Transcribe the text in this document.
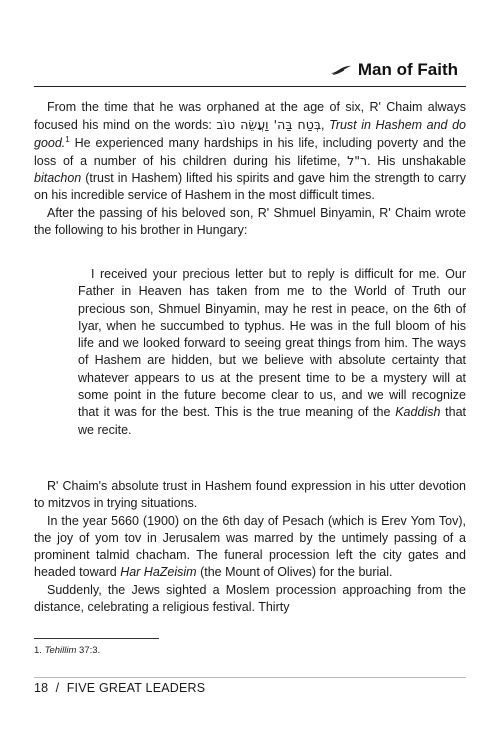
Man of Faith

From the time that he was orphaned at the age of six, R' Chaim always focused his mind on the words: בְּטַח בַּה' וַעֲשֵׂה טוֹב, Trust in Hashem and do good.$^1$ He experienced many hardships in his life, including poverty and the loss of a number of his children during his lifetime, ר"ל. His unshakable bitachon (trust in Hashem) lifted his spirits and gave him the strength to carry on his incredible service of Hashem in the most difficult times.

After the passing of his beloved son, R' Shmuel Binyamin, R' Chaim wrote the following to his brother in Hungary:

I received your precious letter but to reply is difficult for me. Our Father in Heaven has taken from me to the World of Truth our precious son, Shmuel Binyamin, may he rest in peace, on the 6th of Iyar, when he succumbed to typhus. He was in the full bloom of his life and we looked forward to seeing great things from him. The ways of Hashem are hidden, but we believe with absolute certainty that whatever appears to us at the present time to be a mystery will at some point in the future become clear to us, and we will recognize that it was for the best. This is the true meaning of the Kaddish that we recite.

R' Chaim's absolute trust in Hashem found expression in his utter devotion to mitzvos in trying situations.

In the year 5660 (1900) on the 6th day of Pesach (which is Erev Yom Tov), the joy of yom tov in Jerusalem was marred by the untimely passing of a prominent talmid chacham. The funeral procession left the city gates and headed toward Har HaZeisim (the Mount of Olives) for the burial.

Suddenly, the Jews sighted a Moslem procession approaching from the distance, celebrating a religious festival. Thirty

1. Tehillim 37:3.
18 / FIVE GREAT LEADERS
